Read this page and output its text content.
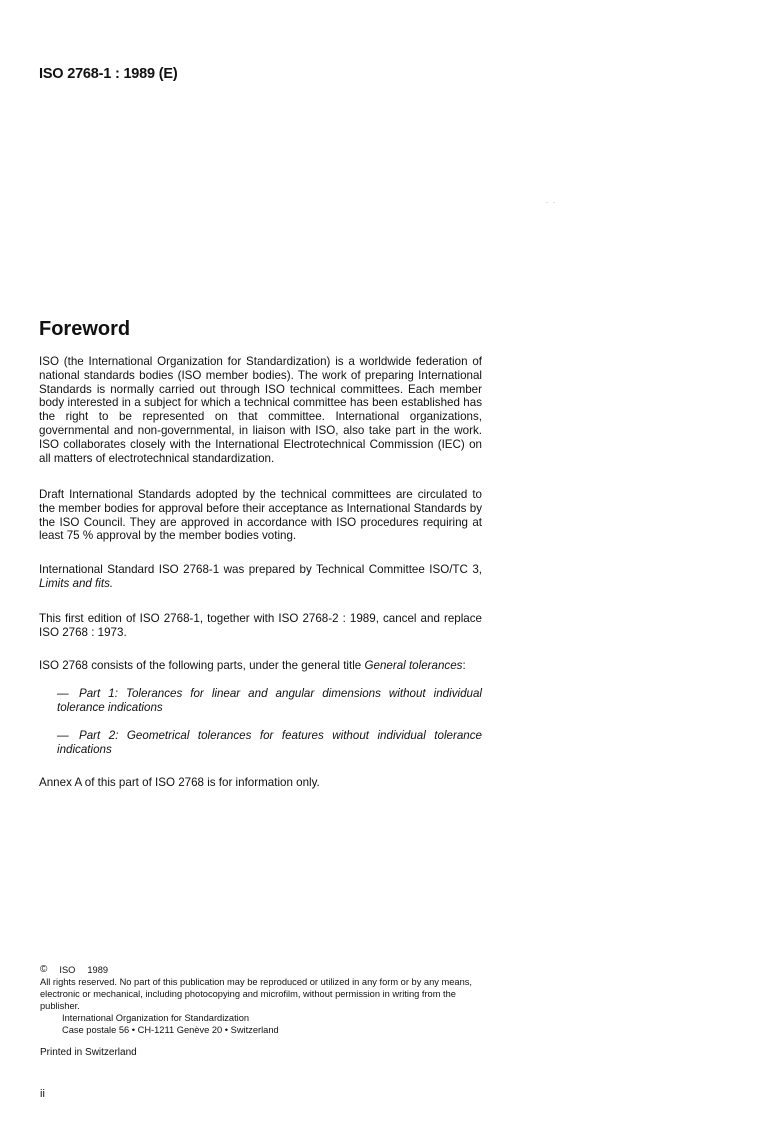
ISO 2768-1 : 1989 (E)
·   ·
Foreword

ISO (the International Organization for Standardization) is a worldwide federation of national standards bodies (ISO member bodies). The work of preparing International Standards is normally carried out through ISO technical committees. Each member body interested in a subject for which a technical committee has been established has the right to be represented on that committee. International organizations, governmental and non-governmental, in liaison with ISO, also take part in the work. ISO collaborates closely with the International Electrotechnical Commission (IEC) on all matters of electrotechnical standardization.

Draft International Standards adopted by the technical committees are circulated to the member bodies for approval before their acceptance as International Standards by the ISO Council. They are approved in accordance with ISO procedures requiring at least 75 % approval by the member bodies voting.

International Standard ISO 2768-1 was prepared by Technical Committee ISO/TC 3, Limits and fits.

This first edition of ISO 2768-1, together with ISO 2768-2 : 1989, cancel and replace ISO 2768 : 1973.

ISO 2768 consists of the following parts, under the general title General tolerances:

— Part 1: Tolerances for linear and angular dimensions without individual tolerance indications
— Part 2: Geometrical tolerances for features without individual tolerance indications

Annex A of this part of ISO 2768 is for information only.

© ISO 1989
All rights reserved. No part of this publication may be reproduced or utilized in any form or by any means, electronic or mechanical, including photocopying and microfilm, without permission in writing from the publisher.
International Organization for Standardization
Case postale 56 • CH-1211 Genève 20 • Switzerland
Printed in Switzerland
ii
